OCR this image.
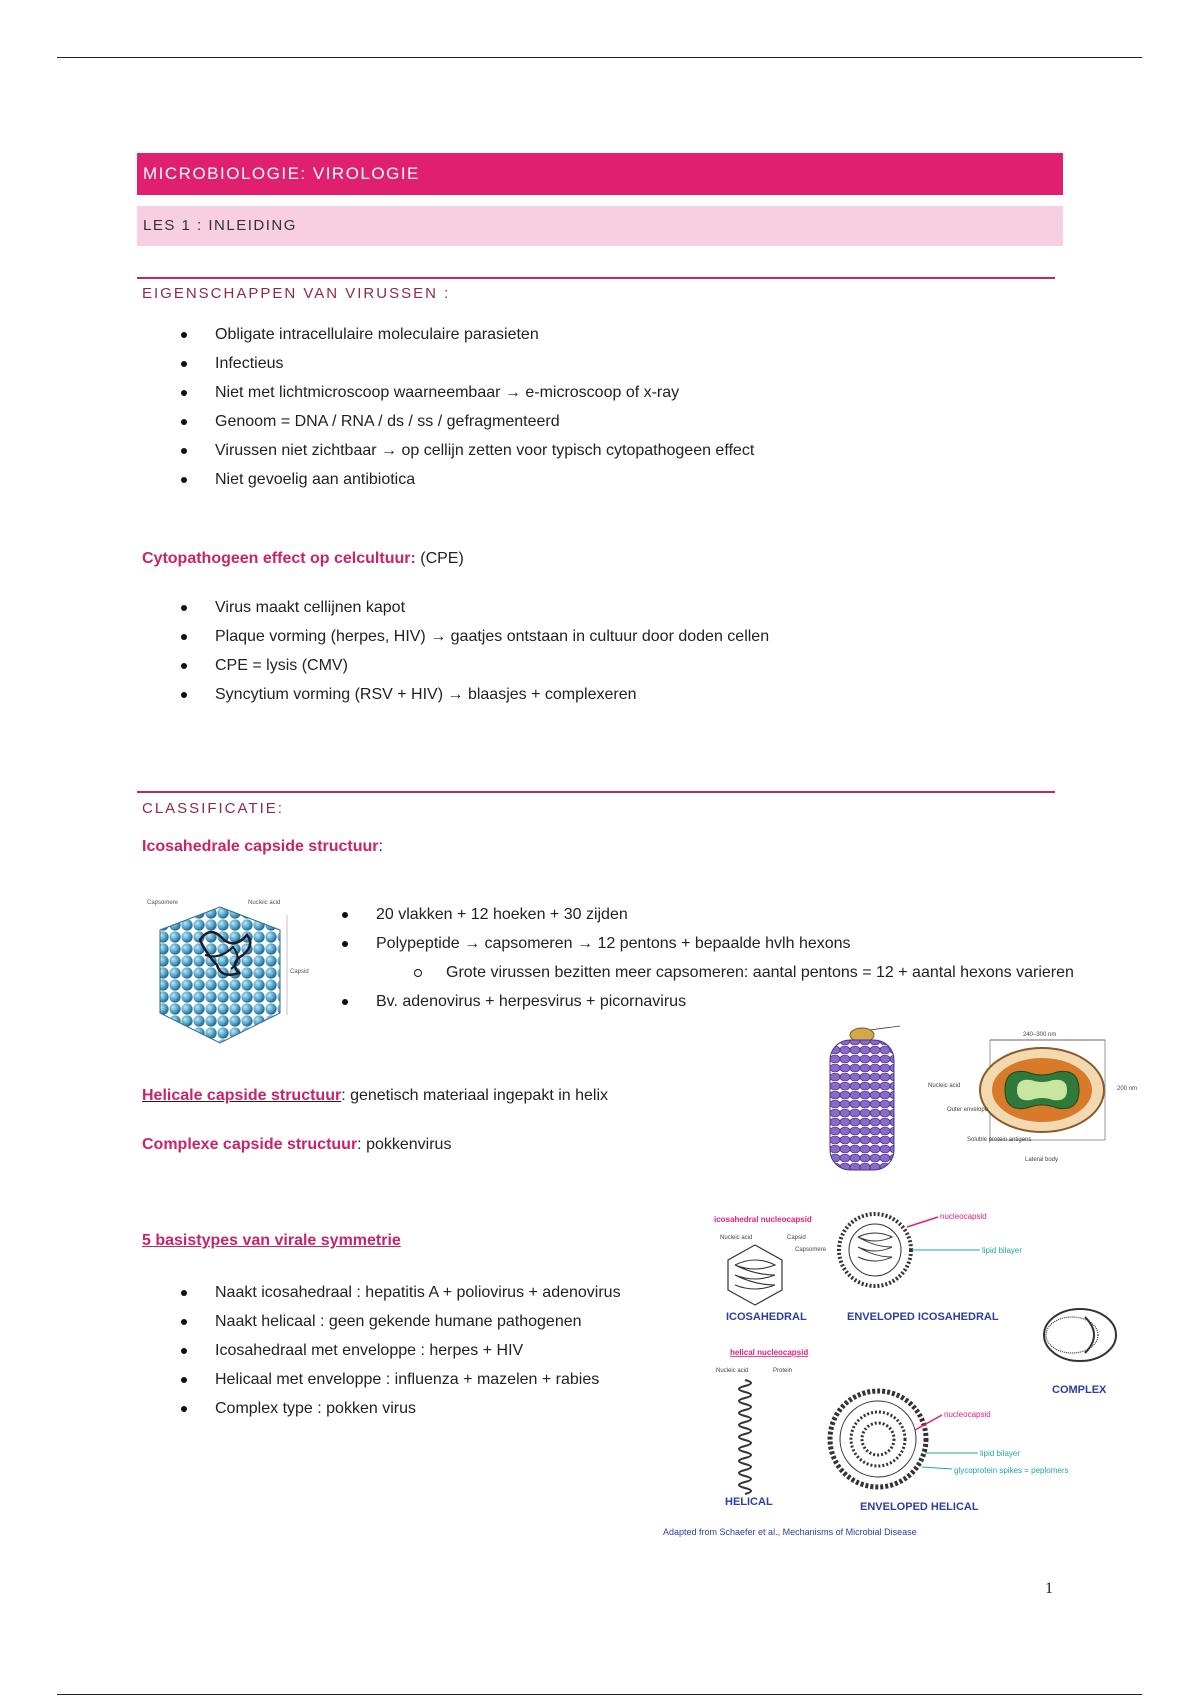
MICROBIOLOGIE: VIROLOGIE
LES 1 : INLEIDING
EIGENSCHAPPEN VAN VIRUSSEN :
Obligate intracellulaire moleculaire parasieten
Infectieus
Niet met lichtmicroscoop waarneembaar → e-microscoop of x-ray
Genoom = DNA / RNA / ds / ss / gefragmenteerd
Virussen niet zichtbaar → op cellijn zetten voor typisch cytopathogeen effect
Niet gevoelig aan antibiotica
Cytopathogeen effect op celcultuur: (CPE)
Virus maakt cellijnen kapot
Plaque vorming (herpes, HIV) → gaatjes ontstaan in cultuur door doden cellen
CPE = lysis (CMV)
Syncytium vorming (RSV + HIV) → blaasjes + complexeren
CLASSIFICATIE:
Icosahedrale capside structuur:
Capsomere	Nucleic acid
Capsid
20 vlakken + 12 hoeken + 30 zijden
Polypeptide → capsomeren → 12 pentons + bepaalde hvlh hexons
Grote virussen bezitten meer capsomeren: aantal pentons = 12 + aantal hexons varieren
Bv. adenovirus + herpesvirus + picornavirus
240–300 nm
200 nm
Nucleic acid
Outer envelope
Soluble protein antigens
Lateral body
Helicale capside structuur: genetisch materiaal ingepakt in helix
Complexe capside structuur: pokkenvirus
5 basistypes van virale symmetrie
Naakt icosahedraal : hepatitis A + poliovirus + adenovirus
Naakt helicaal : geen gekende humane pathogenen
Icosahedraal met enveloppe : herpes + HIV
Helicaal met enveloppe : influenza + mazelen + rabies
Complex type : pokken virus
icosahedral nucleocapsid
Nucleic acid	Capsid
Capsomere
ICOSAHEDRAL
nucleocapsid
lipid bilayer
ENVELOPED ICOSAHEDRAL
COMPLEX
helical nucleocapsid
Nucleic acid	Protein
HELICAL
nucleocapsid
lipid bilayer
glycoprotein spikes = peplomers
ENVELOPED HELICAL
Adapted from Schaefer et al., Mechanisms of Microbial Disease
1
